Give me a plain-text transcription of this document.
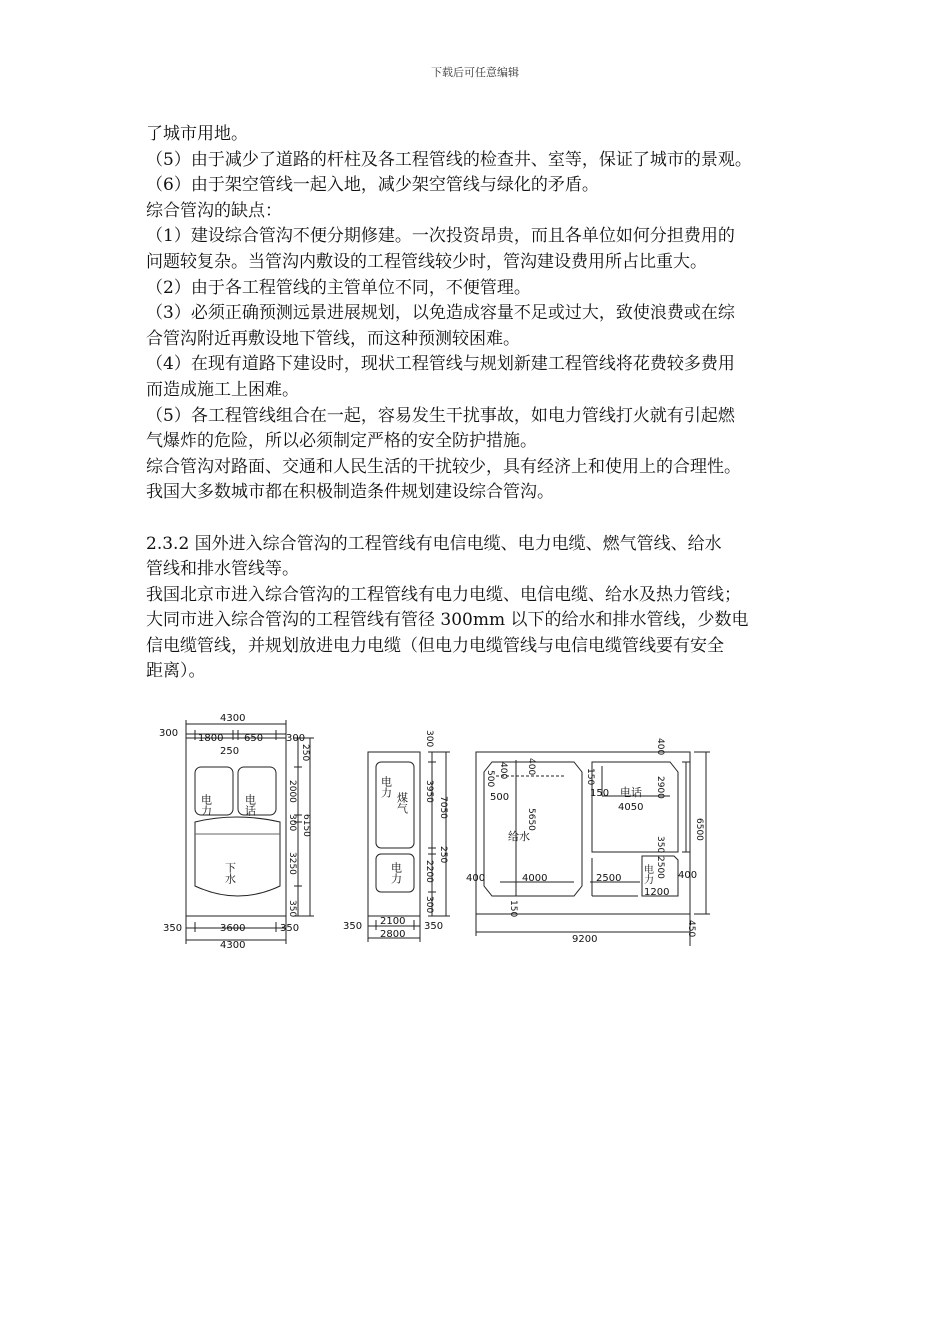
下载后可任意编辑
了城市用地。
（5）由于减少了道路的杆柱及各工程管线的检查井、室等，保证了城市的景观。
（6）由于架空管线一起入地，减少架空管线与绿化的矛盾。
综合管沟的缺点：
（1）建设综合管沟不便分期修建。一次投资昂贵，而且各单位如何分担费用的
问题较复杂。当管沟内敷设的工程管线较少时，管沟建设费用所占比重大。
（2）由于各工程管线的主管单位不同，不便管理。
（3）必须正确预测远景进展规划，以免造成容量不足或过大，致使浪费或在综
合管沟附近再敷设地下管线，而这种预测较困难。
（4）在现有道路下建设时，现状工程管线与规划新建工程管线将花费较多费用
而造成施工上困难。
（5）各工程管线组合在一起，容易发生干扰事故，如电力管线打火就有引起燃
气爆炸的危险，所以必须制定严格的安全防护措施。
综合管沟对路面、交通和人民生活的干扰较少，具有经济上和使用上的合理性。
我国大多数城市都在积极制造条件规划建设综合管沟。
2.3.2 国外进入综合管沟的工程管线有电信电缆、电力电缆、燃气管线、给水
管线和排水管线等。
我国北京市进入综合管沟的工程管线有电力电缆、电信电缆、给水及热力管线；
大同市进入综合管沟的工程管线有管径 300mm 以下的给水和排水管线，少数电
信电缆管线，并规划放进电力电缆（但电力电缆管线与电信电缆管线要有安全
距离）。
电力	电话
下水
4300
300 1800 650 300
250	250
2000
300
3250
6150
350
350	3600	350
4300
电力
煤气
电力
300
3950
7050
250
2200
300
350 2100 350
2800
给水
电话
电力
400
500
500
400
5650
150
150
400
4050
2900
6500
350
2500 400
4000	2500
1200
400
150
9200
450
